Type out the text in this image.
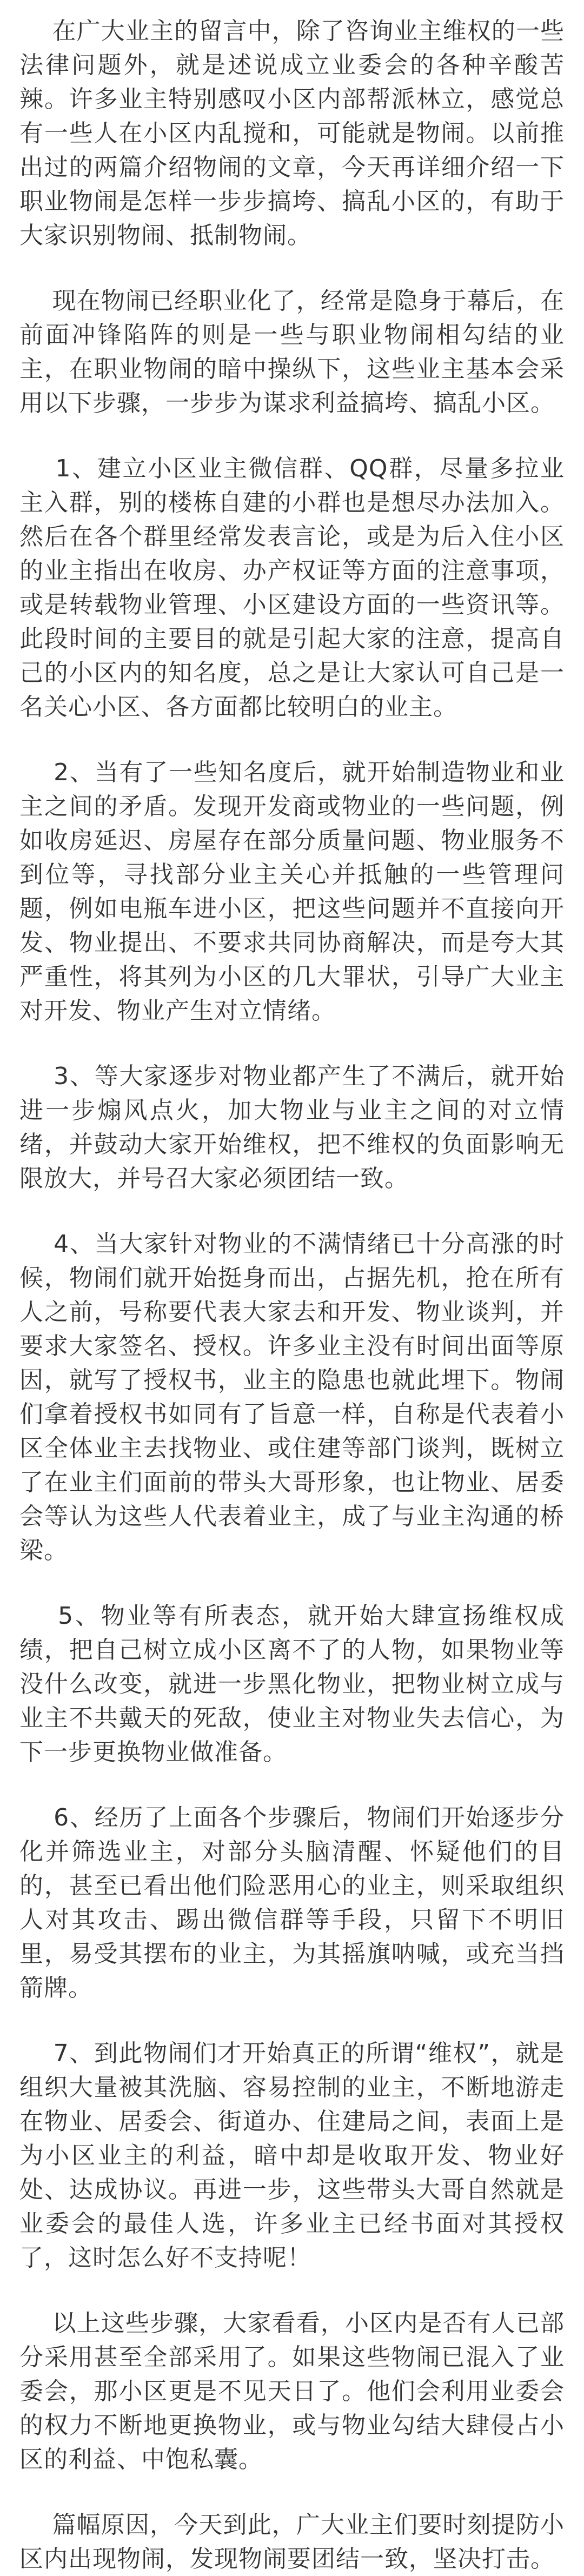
在广大业主的留言中，除了咨询业主维权的一些法律问题外，就是述说成立业委会的各种辛酸苦辣。许多业主特别感叹小区内部帮派林立，感觉总有一些人在小区内乱搅和，可能就是物闹。以前推出过的两篇介绍物闹的文章，今天再详细介绍一下职业物闹是怎样一步步搞垮、搞乱小区的，有助于大家识别物闹、抵制物闹。

现在物闹已经职业化了，经常是隐身于幕后，在前面冲锋陷阵的则是一些与职业物闹相勾结的业主，在职业物闹的暗中操纵下，这些业主基本会采用以下步骤，一步步为谋求利益搞垮、搞乱小区。

1、建立小区业主微信群、QQ群，尽量多拉业主入群，别的楼栋自建的小群也是想尽办法加入。然后在各个群里经常发表言论，或是为后入住小区的业主指出在收房、办产权证等方面的注意事项，或是转载物业管理、小区建设方面的一些资讯等。此段时间的主要目的就是引起大家的注意，提高自己的小区内的知名度，总之是让大家认可自己是一名关心小区、各方面都比较明白的业主。

2、当有了一些知名度后，就开始制造物业和业主之间的矛盾。发现开发商或物业的一些问题，例如收房延迟、房屋存在部分质量问题、物业服务不到位等，寻找部分业主关心并抵触的一些管理问题，例如电瓶车进小区，把这些问题并不直接向开发、物业提出、不要求共同协商解决，而是夸大其严重性，将其列为小区的几大罪状，引导广大业主对开发、物业产生对立情绪。

3、等大家逐步对物业都产生了不满后，就开始进一步煽风点火，加大物业与业主之间的对立情绪，并鼓动大家开始维权，把不维权的负面影响无限放大，并号召大家必须团结一致。

4、当大家针对物业的不满情绪已十分高涨的时候，物闹们就开始挺身而出，占据先机，抢在所有人之前，号称要代表大家去和开发、物业谈判，并要求大家签名、授权。许多业主没有时间出面等原因，就写了授权书，业主的隐患也就此埋下。物闹们拿着授权书如同有了旨意一样，自称是代表着小区全体业主去找物业、或住建等部门谈判，既树立了在业主们面前的带头大哥形象，也让物业、居委会等认为这些人代表着业主，成了与业主沟通的桥梁。

5、物业等有所表态，就开始大肆宣扬维权成绩，把自己树立成小区离不了的人物，如果物业等没什么改变，就进一步黑化物业，把物业树立成与业主不共戴天的死敌，使业主对物业失去信心，为下一步更换物业做准备。

6、经历了上面各个步骤后，物闹们开始逐步分化并筛选业主，对部分头脑清醒、怀疑他们的目的，甚至已看出他们险恶用心的业主，则采取组织人对其攻击、踢出微信群等手段，只留下不明旧里，易受其摆布的业主，为其摇旗呐喊，或充当挡箭牌。

7、到此物闹们才开始真正的所谓“维权”，就是组织大量被其洗脑、容易控制的业主，不断地游走在物业、居委会、街道办、住建局之间，表面上是为小区业主的利益，暗中却是收取开发、物业好处、达成协议。再进一步，这些带头大哥自然就是业委会的最佳人选，许多业主已经书面对其授权了，这时怎么好不支持呢！

以上这些步骤，大家看看，小区内是否有人已部分采用甚至全部采用了。如果这些物闹已混入了业委会，那小区更是不见天日了。他们会利用业委会的权力不断地更换物业，或与物业勾结大肆侵占小区的利益、中饱私囊。

篇幅原因，今天到此，广大业主们要时刻提防小区内出现物闹，发现物闹要团结一致，坚决打击。
